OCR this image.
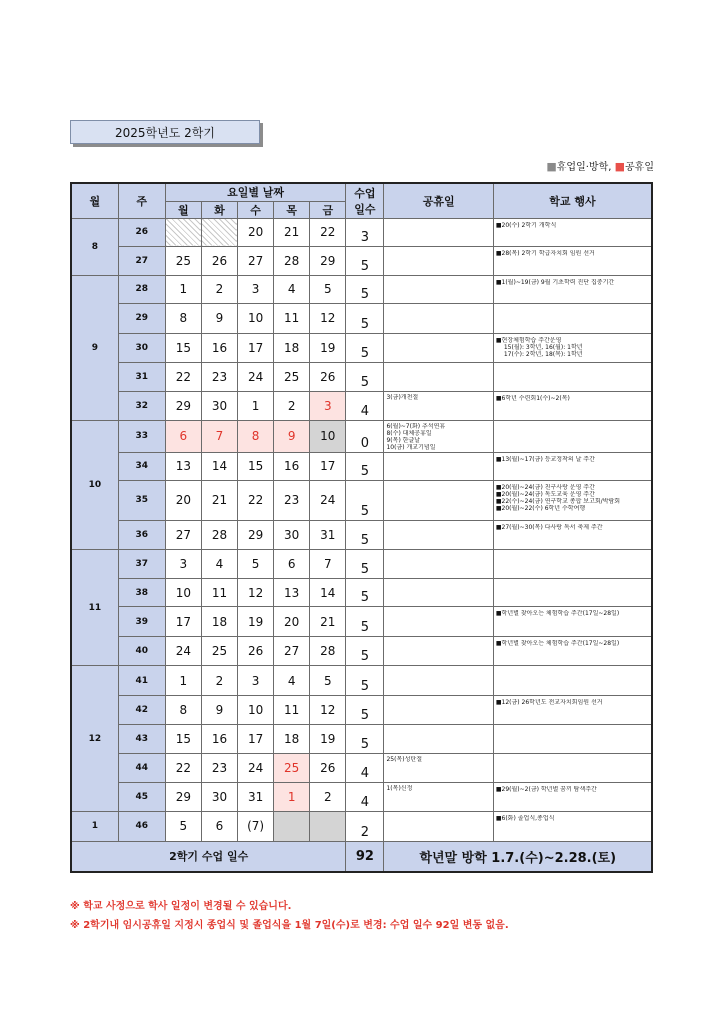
2025학년도 2학기
■휴업일·방학, ■공휴일
월	주	요일별 날짜					수업
일수	공휴일	학교 행사
		월	화	수	목	금			
8	26			20	21	22	3		■20(수) 2학기 개학식

	27	25	26	27	28	29	5		■28(목) 2학기 학급자치회 임원 선거

9	28	1	2	3	4	5	5		■1(월)~19(금) 9월 기초학력 진단 집중기간

	29	8	9	10	11	12	5		
	30	15	16	17	18	19	5		■현장체험학습 주간운영
15(월): 3학년, 16(월): 1학년
17(수): 2학년, 18(목): 1학년

	31	22	23	24	25	26	5		
	32	29	30	1	2	3	4	3(금)개천절	■6학년 수련회1(수)~2(목)

10	33	6	7	8	9	10	0	6(월)~7(화) 추석연휴
8(수) 대체공휴일
9(목) 한글날
10(금) 개교기념일	

	34	13	14	15	16	17	5		■13(월)~17(금) 등교정착의 날 주간

	35	20	21	22	23	24	5		■20(월)~24(금) 친구사랑 운영 주간
■20(월)~24(금) 독도교육 운영 주간
■22(수)~24(금) 연구학교 종합 보고회/박람회
■20(월)~22(수) 6학년 수학여행

	36	27	28	29	30	31	5		■27(월)~30(목) 다사랑 독서 축제 주간

11	37	3	4	5	6	7	5		
	38	10	11	12	13	14	5		
	39	17	18	19	20	21	5		■학년별 찾아오는 체험학습 주간(17일~28일)

	40	24	25	26	27	28	5		■학년별 찾아오는 체험학습 주간(17일~28일)

12	41	1	2	3	4	5	5		
	42	8	9	10	11	12	5		■12(금) 26학년도 전교자치회임원 선거

	43	15	16	17	18	19	5		
	44	22	23	24	25	26	4	25(목)성탄절	

	45	29	30	31	1	2	4	1(목)신정	■29(월)~2(금) 학년별 꿈끼 탐색주간

1	46	5	6	(7)			2		■6(화) 졸업식,종업식

2학기 수업 일수							92	학년말 방학 1.7.(수)~2.28.(토)	
※ 학교 사정으로 학사 일정이 변경될 수 있습니다.
※ 2학기내 임시공휴일 지정시 종업식 및 졸업식을 1월 7일(수)로 변경: 수업 일수 92일 변동 없음.
